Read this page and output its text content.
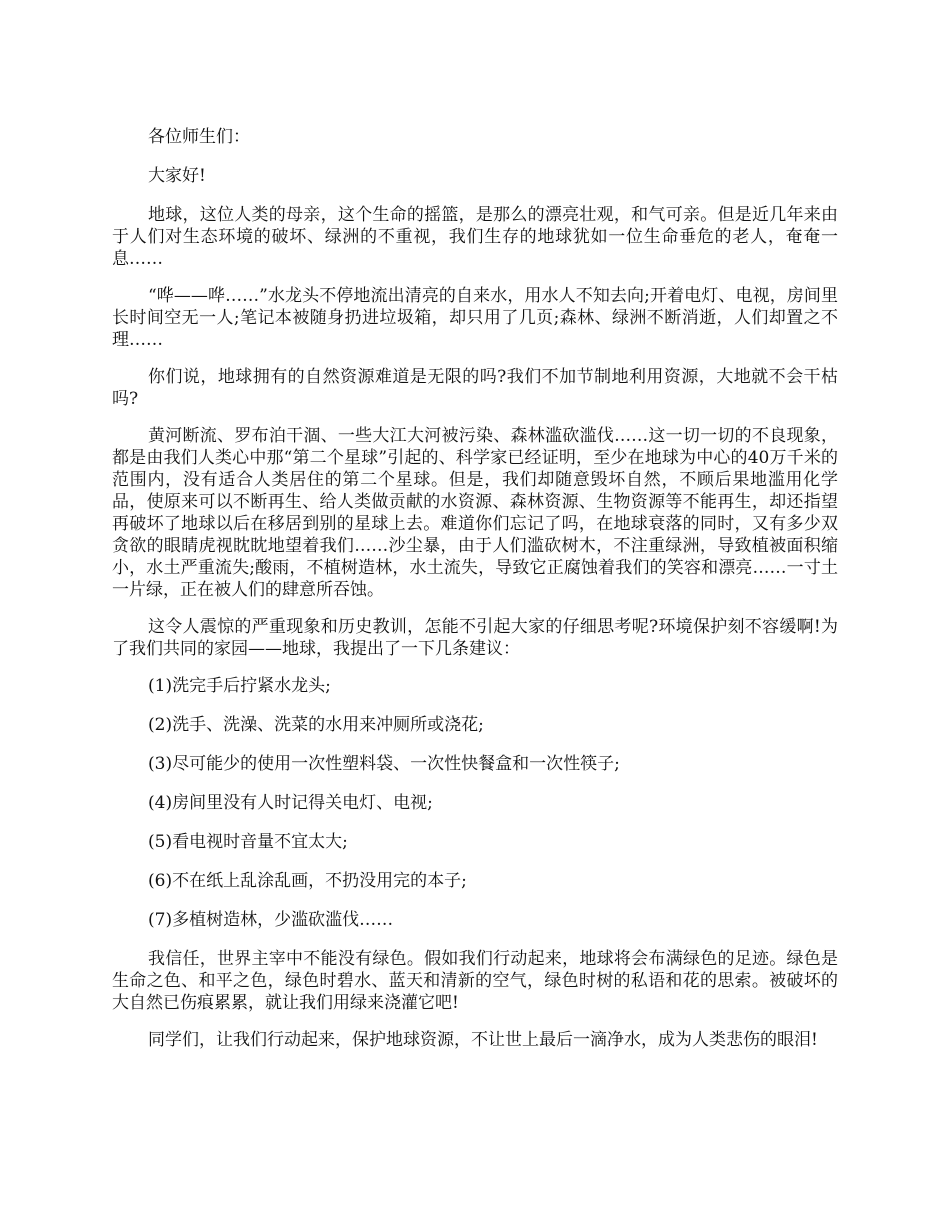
各位师生们：

大家好!

地球，这位人类的母亲，这个生命的摇篮，是那么的漂亮壮观，和气可亲。但是近几年来由于人们对生态环境的破坏、绿洲的不重视，我们生存的地球犹如一位生命垂危的老人，奄奄一息……

“哗——哗……”水龙头不停地流出清亮的自来水，用水人不知去向;开着电灯、电视，房间里长时间空无一人;笔记本被随身扔进垃圾箱，却只用了几页;森林、绿洲不断消逝，人们却置之不理……

你们说，地球拥有的自然资源难道是无限的吗?我们不加节制地利用资源，大地就不会干枯吗?

黄河断流、罗布泊干涸、一些大江大河被污染、森林滥砍滥伐……这一切一切的不良现象，都是由我们人类心中那“第二个星球”引起的、科学家已经证明，至少在地球为中心的40万千米的范围内，没有适合人类居住的第二个星球。但是，我们却随意毁坏自然，不顾后果地滥用化学品，使原来可以不断再生、给人类做贡献的水资源、森林资源、生物资源等不能再生，却还指望再破坏了地球以后在移居到别的星球上去。难道你们忘记了吗，在地球衰落的同时，又有多少双贪欲的眼睛虎视眈眈地望着我们……沙尘暴，由于人们滥砍树木，不注重绿洲，导致植被面积缩小，水土严重流失;酸雨，不植树造林，水土流失，导致它正腐蚀着我们的笑容和漂亮……一寸土一片绿，正在被人们的肆意所吞蚀。

这令人震惊的严重现象和历史教训，怎能不引起大家的仔细思考呢?环境保护刻不容缓啊!为了我们共同的家园——地球，我提出了一下几条建议：

(1)洗完手后拧紧水龙头;

(2)洗手、洗澡、洗菜的水用来冲厕所或浇花;

(3)尽可能少的使用一次性塑料袋、一次性快餐盒和一次性筷子;

(4)房间里没有人时记得关电灯、电视;

(5)看电视时音量不宜太大;

(6)不在纸上乱涂乱画，不扔没用完的本子;

(7)多植树造林，少滥砍滥伐……

我信任，世界主宰中不能没有绿色。假如我们行动起来，地球将会布满绿色的足迹。绿色是生命之色、和平之色，绿色时碧水、蓝天和清新的空气，绿色时树的私语和花的思索。被破坏的大自然已伤痕累累，就让我们用绿来浇灌它吧!

同学们，让我们行动起来，保护地球资源，不让世上最后一滴净水，成为人类悲伤的眼泪!
